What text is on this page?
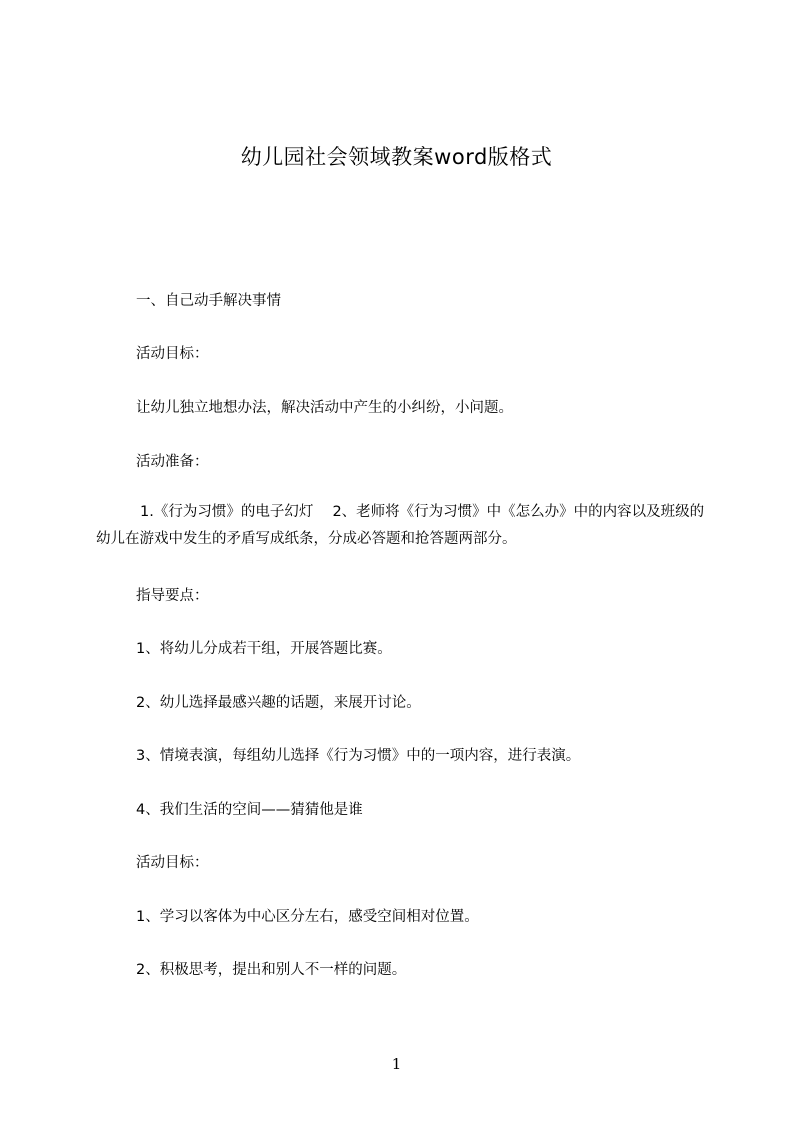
幼儿园社会领域教案word版格式

一、自己动手解决事情

活动目标：

让幼儿独立地想办法，解决活动中产生的小纠纷，小问题。

活动准备：

1.《行为习惯》的电子幻灯　 2、老师将《行为习惯》中《怎么办》中的内容以及班级的幼儿在游戏中发生的矛盾写成纸条，分成必答题和抢答题两部分。

指导要点：

1、将幼儿分成若干组，开展答题比赛。

2、幼儿选择最感兴趣的话题，来展开讨论。

3、情境表演，每组幼儿选择《行为习惯》中的一项内容，进行表演。

4、我们生活的空间——猜猜他是谁

活动目标：

1、学习以客体为中心区分左右，感受空间相对位置。

2、积极思考，提出和别人不一样的问题。

1
